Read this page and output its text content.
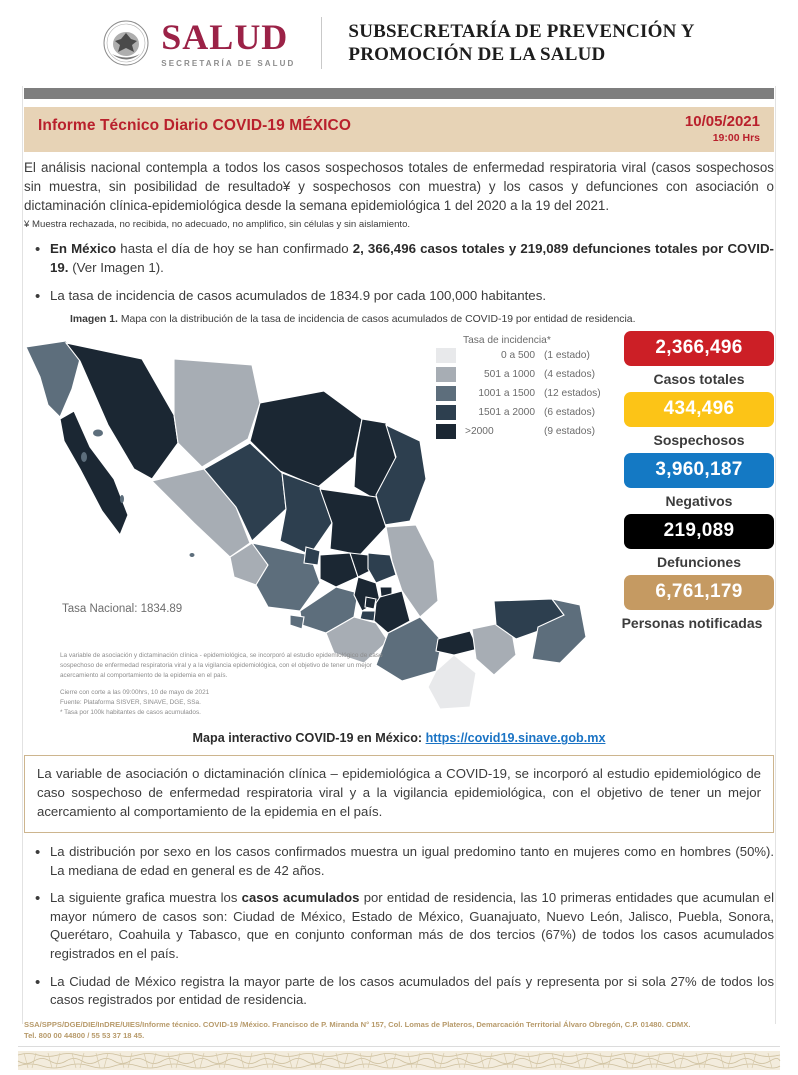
SALUD
SECRETARÍA DE SALUD
SUBSECRETARÍA DE PREVENCIÓN Y
PROMOCIÓN DE LA SALUD
Informe Técnico Diario COVID-19 MÉXICO	10/05/2021
19:00 Hrs
El análisis nacional contempla a todos los casos sospechosos totales de enfermedad respiratoria viral (casos sospechosos sin muestra, sin posibilidad de resultado¥ y sospechosos con muestra) y los casos y defunciones con asociación o dictaminación clínica-epidemiológica desde la semana epidemiológica 1 del 2020 a la 19 del 2021.
¥ Muestra rechazada, no recibida, no adecuado, no amplifico, sin células y sin aislamiento.
• En México hasta el día de hoy se han confirmado 2, 366,496 casos totales y 219,089 defunciones totales por COVID-19. (Ver Imagen 1).
• La tasa de incidencia de casos acumulados de 1834.9 por cada 100,000 habitantes.
Imagen 1. Mapa con la distribución de la tasa de incidencia de casos acumulados de COVID-19 por entidad de residencia.
Tasa Nacional: 1834.89
Tasa de incidencia*
0 a 500 (1 estado)
501 a 1000 (4 estados)
1001 a 1500 (12 estados)
1501 a 2000 (6 estados)
>2000	(9 estados)
La variable de asociación y dictaminación clínica - epidemiológica, se incorporó al estudio epidemiológico de caso sospechoso de enfermedad respiratoria viral y a la vigilancia epidemiológica, con el objetivo de tener un mejor acercamiento al comportamiento de la epidemia en el país.
Cierre con corte a las 09:00hrs, 10 de mayo de 2021
Fuente: Plataforma SISVER, SINAVE, DGE, SSa.
* Tasa por 100k habitantes de casos acumulados.
2,366,496
Casos totales
434,496
Sospechosos
3,960,187
Negativos
219,089
Defunciones
6,761,179
Personas notificadas
Mapa interactivo COVID-19 en México: https://covid19.sinave.gob.mx
La variable de asociación o dictaminación clínica – epidemiológica a COVID-19, se incorporó al estudio epidemiológico de caso sospechoso de enfermedad respiratoria viral y a la vigilancia epidemiológica, con el objetivo de tener un mejor acercamiento al comportamiento de la epidemia en el país.
• La distribución por sexo en los casos confirmados muestra un igual predomino tanto en mujeres como en hombres (50%). La mediana de edad en general es de 42 años.
• La siguiente grafica muestra los casos acumulados por entidad de residencia, las 10 primeras entidades que acumulan el mayor número de casos son: Ciudad de México, Estado de México, Guanajuato, Nuevo León, Jalisco, Puebla, Sonora, Querétaro, Coahuila y Tabasco, que en conjunto conforman más de dos tercios (67%) de todos los casos acumulados registrados en el país.
• La Ciudad de México registra la mayor parte de los casos acumulados del país y representa por si sola 27% de todos los casos registrados por entidad de residencia.
SSA/SPPS/DGE/DIE/InDRE/UIES/Informe técnico. COVID-19 /México. Francisco de P. Miranda N° 157, Col. Lomas de Plateros, Demarcación Territorial Álvaro Obregón, C.P. 01480. CDMX.
Tel. 800 00 44800 / 55 53 37 18 45.
